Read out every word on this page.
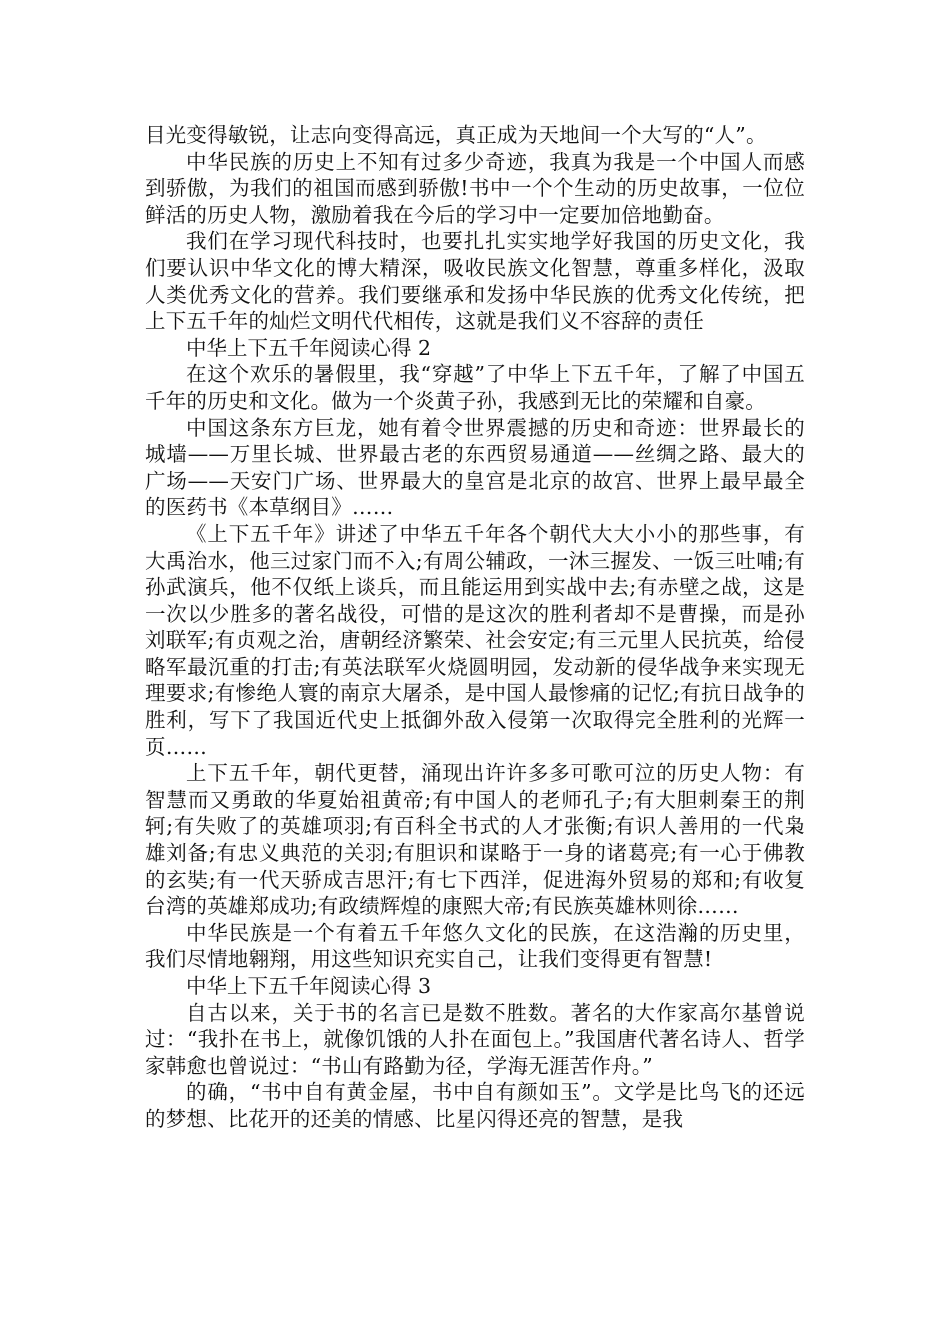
目光变得敏锐，让志向变得高远，真正成为天地间一个大写的“人”。

中华民族的历史上不知有过多少奇迹，我真为我是一个中国人而感到骄傲，为我们的祖国而感到骄傲!书中一个个生动的历史故事，一位位鲜活的历史人物，激励着我在今后的学习中一定要加倍地勤奋。

我们在学习现代科技时，也要扎扎实实地学好我国的历史文化，我们要认识中华文化的博大精深，吸收民族文化智慧，尊重多样化，汲取人类优秀文化的营养。我们要继承和发扬中华民族的优秀文化传统，把上下五千年的灿烂文明代代相传，这就是我们义不容辞的责任

中华上下五千年阅读心得 2

在这个欢乐的暑假里，我“穿越”了中华上下五千年，了解了中国五千年的历史和文化。做为一个炎黄子孙，我感到无比的荣耀和自豪。

中国这条东方巨龙，她有着令世界震撼的历史和奇迹：世界最长的城墙——万里长城、世界最古老的东西贸易通道——丝绸之路、最大的广场——天安门广场、世界最大的皇宫是北京的故宫、世界上最早最全的医药书《本草纲目》……

《上下五千年》讲述了中华五千年各个朝代大大小小的那些事，有大禹治水，他三过家门而不入;有周公辅政，一沐三握发、一饭三吐哺;有孙武演兵，他不仅纸上谈兵，而且能运用到实战中去;有赤壁之战，这是一次以少胜多的著名战役，可惜的是这次的胜利者却不是曹操，而是孙刘联军;有贞观之治，唐朝经济繁荣、社会安定;有三元里人民抗英，给侵略军最沉重的打击;有英法联军火烧圆明园，发动新的侵华战争来实现无理要求;有惨绝人寰的南京大屠杀，是中国人最惨痛的记忆;有抗日战争的胜利，写下了我国近代史上抵御外敌入侵第一次取得完全胜利的光辉一页……

上下五千年，朝代更替，涌现出许许多多可歌可泣的历史人物：有智慧而又勇敢的华夏始祖黄帝;有中国人的老师孔子;有大胆刺秦王的荆轲;有失败了的英雄项羽;有百科全书式的人才张衡;有识人善用的一代枭雄刘备;有忠义典范的关羽;有胆识和谋略于一身的诸葛亮;有一心于佛教的玄奘;有一代天骄成吉思汗;有七下西洋，促进海外贸易的郑和;有收复台湾的英雄郑成功;有政绩辉煌的康熙大帝;有民族英雄林则徐……

中华民族是一个有着五千年悠久文化的民族，在这浩瀚的历史里，我们尽情地翱翔，用这些知识充实自己，让我们变得更有智慧!

中华上下五千年阅读心得 3

自古以来，关于书的名言已是数不胜数。著名的大作家高尔基曾说过：“我扑在书上，就像饥饿的人扑在面包上。”我国唐代著名诗人、哲学家韩愈也曾说过：“书山有路勤为径，学海无涯苦作舟。”

的确，“书中自有黄金屋，书中自有颜如玉”。文学是比鸟飞的还远的梦想、比花开的还美的情感、比星闪得还亮的智慧，是我
